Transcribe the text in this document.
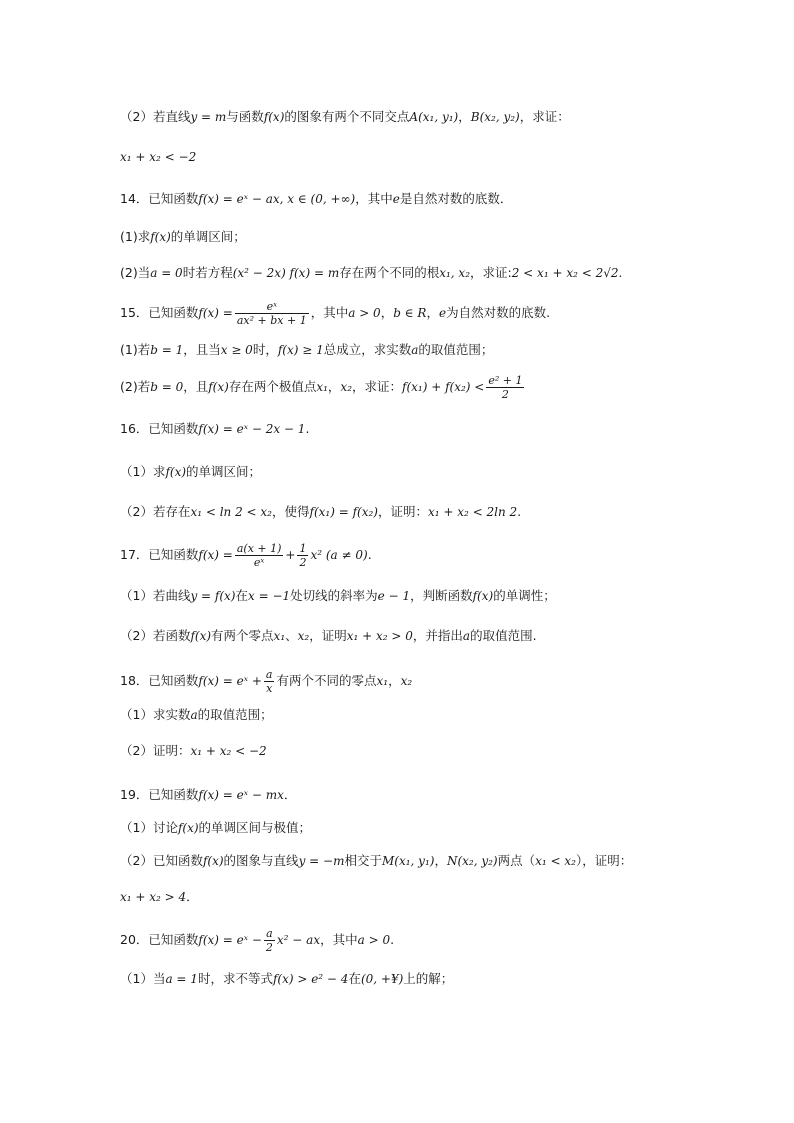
（2）若直线y = m与函数f(x)的图象有两个不同交点A(x₁, y₁)，B(x₂, y₂)，求证：
x₁ + x₂ < −2
14．已知函数f(x) = eˣ − ax, x ∈ (0, +∞)，其中e是自然对数的底数．
(1)求f(x)的单调区间；
(2)当a = 0时若方程(x² − 2x) f(x) = m存在两个不同的根x₁, x₂，求证:2 < x₁ + x₂ < 2√2.
15．已知函数$f(x) = \frac{\text{eˣ}}{\text{ax² + bx + 1}}$ ，其中a > 0，b ∈ R，e为自然对数的底数.
(1)若b = 1，且当x ≥ 0时，f(x) ≥ 1总成立，求实数a的取值范围；
(2)若b = 0，且f(x)存在两个极值点x₁，x₂，求证：$f(x_1) + f(x_2) < \frac{\text{e² + 1}}{2}$
16．已知函数f(x) = eˣ − 2x − 1.
（1）求f(x)的单调区间；
（2）若存在x₁ < ln 2 < x₂，使得f(x₁) = f(x₂)，证明：x₁ + x₂ < 2ln 2.
17．已知函数$f(x) = \frac{a(x + 1)}{\text{eˣ}} + \frac{1}{2} x^2$ (a ≠ 0).
（1）若曲线y = f(x)在x = −1处切线的斜率为e − 1，判断函数f(x)的单调性；
（2）若函数f(x)有两个零点x₁、x₂，证明x₁ + x₂ > 0，并指出a的取值范围.
18．已知函数f(x) = eˣ + $\frac{a}{x}$ 有两个不同的零点x₁，x₂
（1）求实数a的取值范围；
（2）证明：x₁ + x₂ < −2
19．已知函数f(x) = eˣ − mx．
（1）讨论f(x)的单调区间与极值；
（2）已知函数f(x)的图象与直线y = −m相交于M(x₁, y₁)，N(x₂, y₂)两点（x₁ < x₂），证明：
x₁ + x₂ > 4．
20．已知函数f(x) = eˣ − $\frac{a}{2} x^2$ − ax，其中a > 0.
（1）当a = 1时，求不等式f(x) > e² − 4在(0, +¥)上的解；
